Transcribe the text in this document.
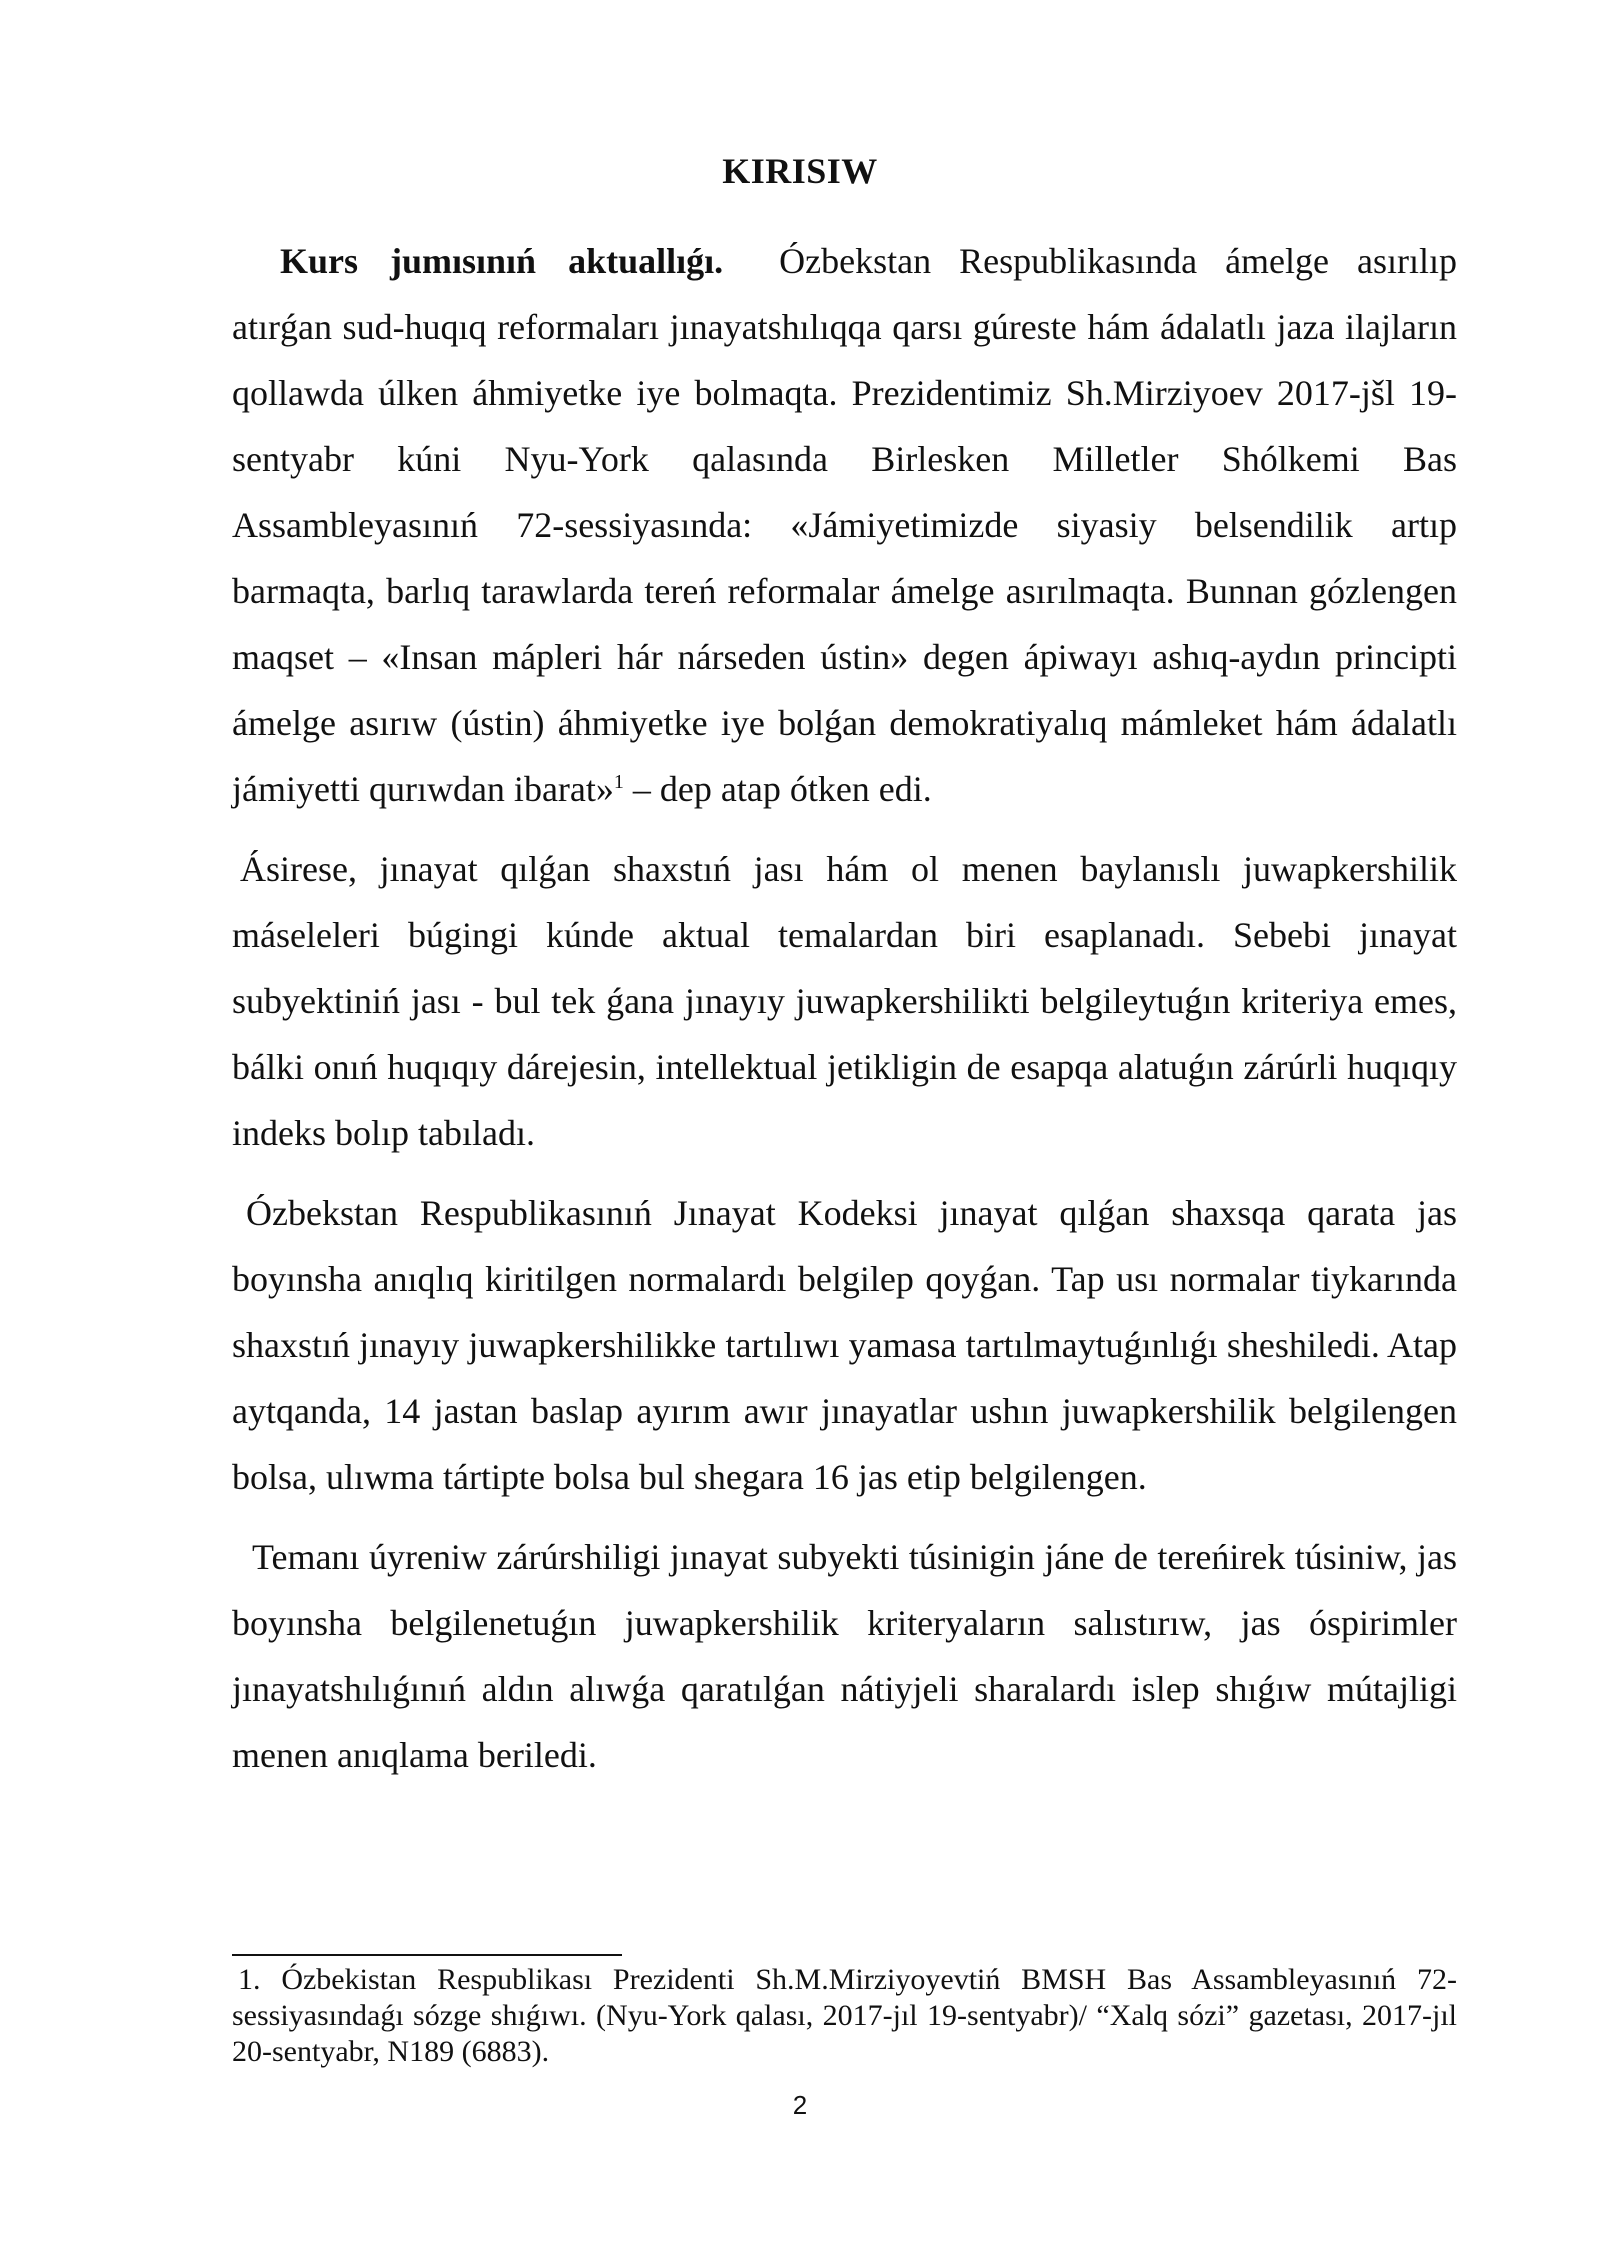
KIRISIW

Kurs jumısınıń aktuallıǵı. Ózbekstan Respublikasında ámelge asırılıp atırǵan sud-huqıq reformaları jınayatshılıqqa qarsı gúreste hám ádalatlı jaza ilajların qollawda úlken áhmiyetke iye bolmaqta. Prezidentimiz Sh.Mirziyoev 2017-jšl 19-sentyabr kúni Nyu-York qalasında Birlesken Milletler Shólkemi Bas Assambleyasınıń 72-sessiyasında: «Jámiyetimizde siyasiy belsendilik artıp barmaqta, barlıq tarawlarda tereń reformalar ámelge asırılmaqta. Bunnan gózlengen maqset – «Insan mápleri hár nárseden ústin» degen ápiwayı ashıq-aydın principti ámelge asırıw (ústin) áhmiyetke iye bolǵan demokratiyalıq mámleket hám ádalatlı jámiyetti qurıwdan ibarat»$^1$ – dep atap ótken edi.

Ásirese, jınayat qılǵan shaxstıń jası hám ol menen baylanıslı juwapkershilik máseleleri búgingi kúnde aktual temalardan biri esaplanadı. Sebebi jınayat subyektiniń jası - bul tek ǵana jınayıy juwapkershilikti belgileytuǵın kriteriya emes, bálki onıń huqıqıy dárejesin, intellektual jetikligin de esapqa alatuǵın zárúrli huqıqıy indeks bolıp tabıladı.

Ózbekstan Respublikasınıń Jınayat Kodeksi jınayat qılǵan shaxsqa qarata jas boyınsha anıqlıq kiritilgen normalardı belgilep qoyǵan. Tap usı normalar tiykarında shaxstıń jınayıy juwapkershilikke tartılıwı yamasa tartılmaytuǵınlıǵı sheshiledi. Atap aytqanda, 14 jastan baslap ayırım awır jınayatlar ushın juwapkershilik belgilengen bolsa, ulıwma tártipte bolsa bul shegara 16 jas etip belgilengen.

Temanı úyreniw zárúrshiligi jınayat subyekti túsinigin jáne de tereńirek túsiniw, jas boyınsha belgilenetuǵın juwapkershilik kriteryaların salıstırıw, jas óspirimler jınayatshılıǵınıń aldın alıwǵa qaratılǵan nátiyjeli sharalardı islep shıǵıw mútajligi menen anıqlama beriledi.

1. Ózbekistan Respublikası Prezidenti Sh.M.Mirziyoyevtiń BMSH Bas Assambleyasınıń 72-sessiyasındaǵı sózge shıǵıwı. (Nyu-York qalası, 2017-jıl 19-sentyabr)/ “Xalq sózi” gazetası, 2017-jıl 20-sentyabr, N189 (6883).

2
